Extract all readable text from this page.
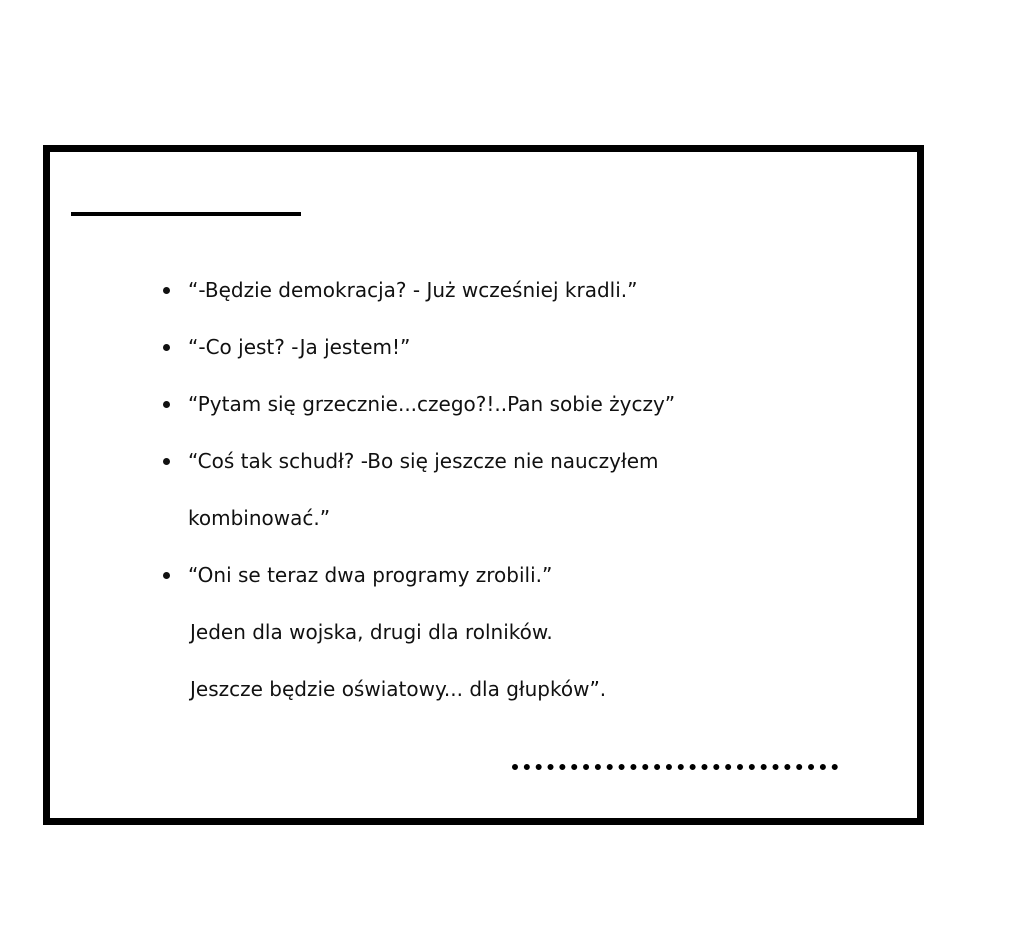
“-Będzie demokracja? - Już wcześniej kradli.”
“-Co jest? -Ja jestem!”
“Pytam się grzecznie...czego?!..Pan sobie życzy”
“Coś tak schudł? -Bo się jeszcze nie nauczyłem
kombinować.”
“Oni se teraz dwa programy zrobili.”
Jeden dla wojska, drugi dla rolników.
Jeszcze będzie oświatowy... dla głupków”.
